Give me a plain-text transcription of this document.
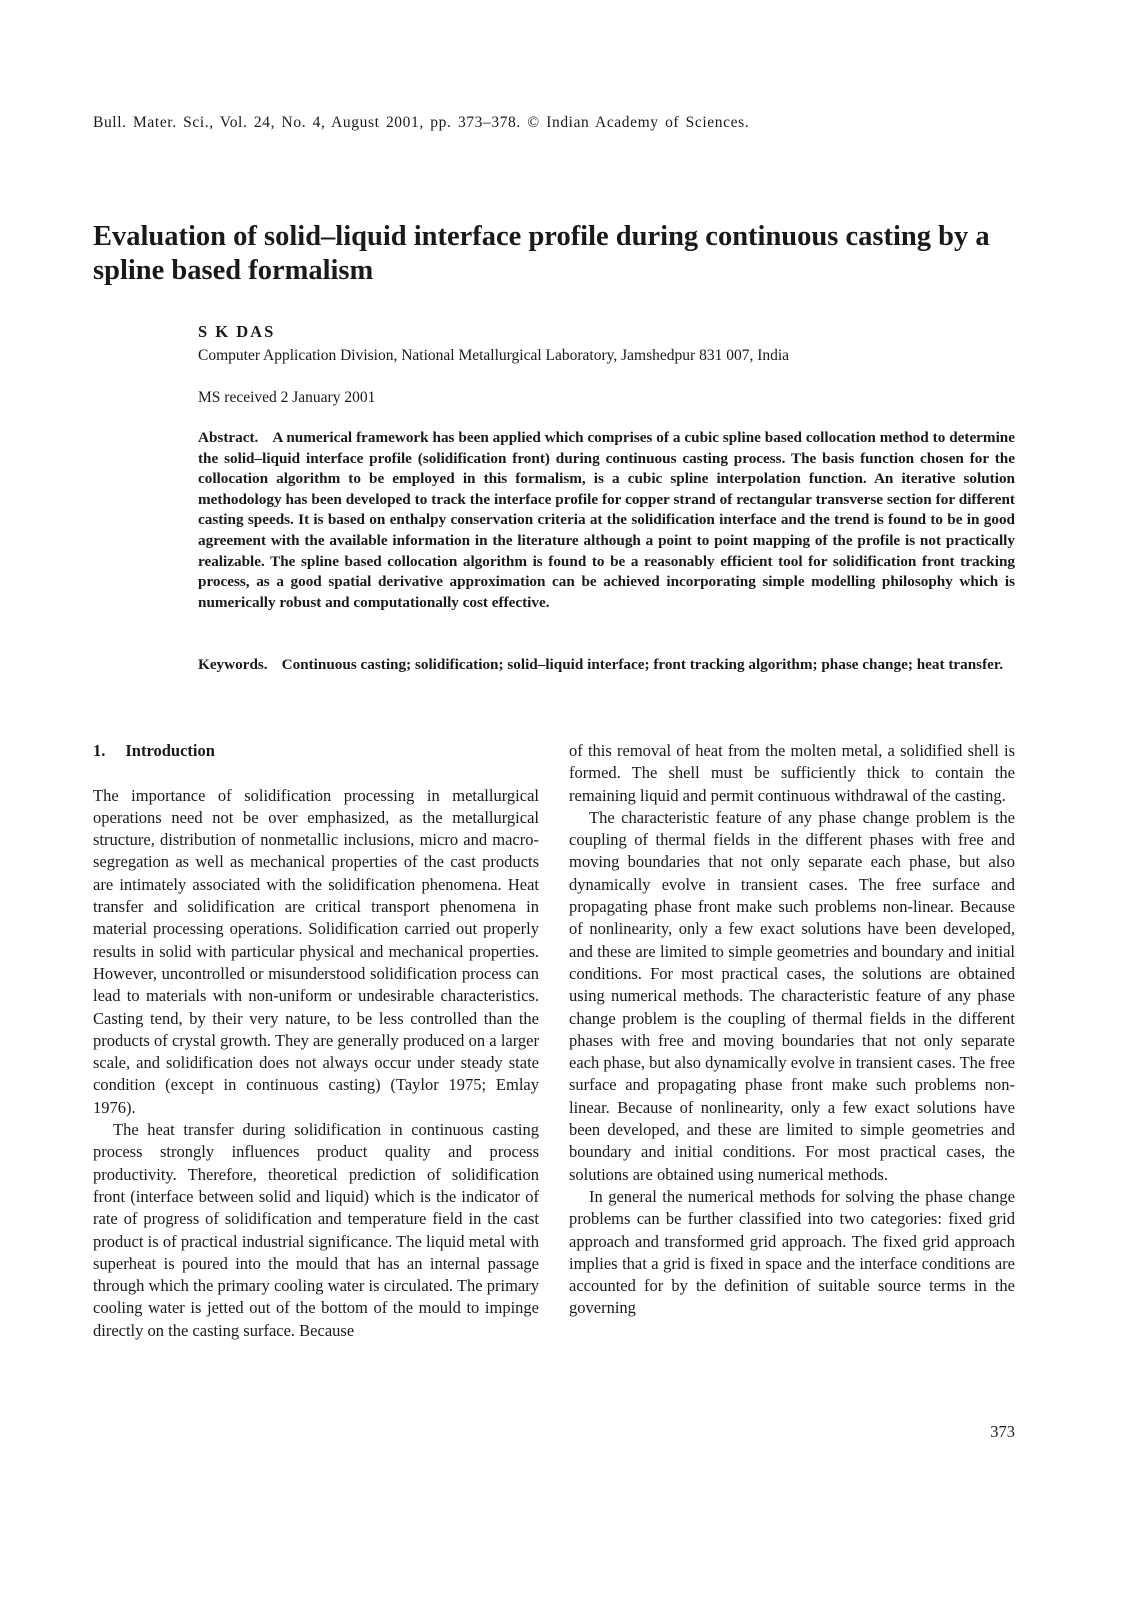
Bull. Mater. Sci., Vol. 24, No. 4, August 2001, pp. 373–378. © Indian Academy of Sciences.
Evaluation of solid–liquid interface profile during continuous casting by a spline based formalism
S K DAS
Computer Application Division, National Metallurgical Laboratory, Jamshedpur 831 007, India
MS received 2 January 2001

Abstract. A numerical framework has been applied which comprises of a cubic spline based collocation method to determine the solid–liquid interface profile (solidification front) during continuous casting process. The basis function chosen for the collocation algorithm to be employed in this formalism, is a cubic spline interpolation function. An iterative solution methodology has been developed to track the interface profile for copper strand of rectangular transverse section for different casting speeds. It is based on enthalpy conservation criteria at the solidification interface and the trend is found to be in good agreement with the available information in the literature although a point to point mapping of the profile is not practically realizable. The spline based collocation algorithm is found to be a reasonably efficient tool for solidification front tracking process, as a good spatial derivative approximation can be achieved incorporating simple modelling philosophy which is numerically robust and computationally cost effective.

Keywords. Continuous casting; solidification; solid–liquid interface; front tracking algorithm; phase change; heat transfer.

1. Introduction

The importance of solidification processing in metallurgical operations need not be over emphasized, as the metallurgical structure, distribution of nonmetallic inclusions, micro and macro-segregation as well as mechanical properties of the cast products are intimately associated with the solidification phenomena. Heat transfer and solidification are critical transport phenomena in material processing operations. Solidification carried out properly results in solid with particular physical and mechanical properties. However, uncontrolled or misunderstood solidification process can lead to materials with non-uniform or undesirable characteristics. Casting tend, by their very nature, to be less controlled than the products of crystal growth. They are generally produced on a larger scale, and solidification does not always occur under steady state condition (except in continuous casting) (Taylor 1975; Emlay 1976).

The heat transfer during solidification in continuous casting process strongly influences product quality and process productivity. Therefore, theoretical prediction of solidification front (interface between solid and liquid) which is the indicator of rate of progress of solidification and temperature field in the cast product is of practical industrial significance. The liquid metal with superheat is poured into the mould that has an internal passage through which the primary cooling water is circulated. The primary cooling water is jetted out of the bottom of the mould to impinge directly on the casting surface. Because

of this removal of heat from the molten metal, a solidified shell is formed. The shell must be sufficiently thick to contain the remaining liquid and permit continuous withdrawal of the casting.

The characteristic feature of any phase change problem is the coupling of thermal fields in the different phases with free and moving boundaries that not only separate each phase, but also dynamically evolve in transient cases. The free surface and propagating phase front make such problems non-linear. Because of nonlinearity, only a few exact solutions have been developed, and these are limited to simple geometries and boundary and initial conditions. For most practical cases, the solutions are obtained using numerical methods. The characteristic feature of any phase change problem is the coupling of thermal fields in the different phases with free and moving boundaries that not only separate each phase, but also dynamically evolve in transient cases. The free surface and propagating phase front make such problems non-linear. Because of nonlinearity, only a few exact solutions have been developed, and these are limited to simple geometries and boundary and initial conditions. For most practical cases, the solutions are obtained using numerical methods.

In general the numerical methods for solving the phase change problems can be further classified into two categories: fixed grid approach and transformed grid approach. The fixed grid approach implies that a grid is fixed in space and the interface conditions are accounted for by the definition of suitable source terms in the governing

373
